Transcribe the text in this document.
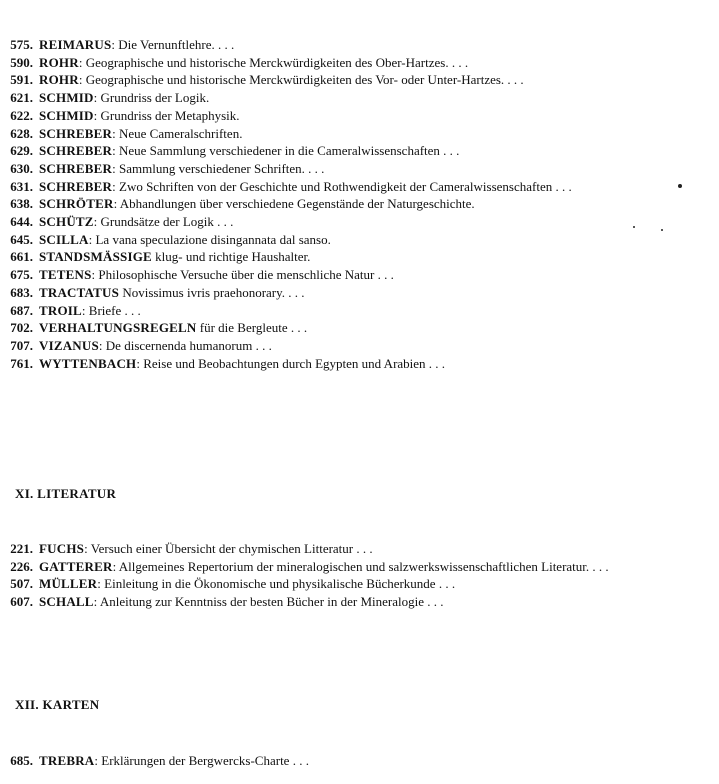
575. REIMARUS: Die Vernunftlehre. . . .
590. ROHR: Geographische und historische Merckwürdigkeiten des Ober-Hartzes. . . .
591. ROHR: Geographische und historische Merckwürdigkeiten des Vor- oder Unter-Hartzes. . . .
621. SCHMID: Grundriss der Logik.
622. SCHMID: Grundriss der Metaphysik.
628. SCHREBER: Neue Cameralschriften.
629. SCHREBER: Neue Sammlung verschiedener in die Cameralwissenschaften . . .
630. SCHREBER: Sammlung verschiedener Schriften. . . .
631. SCHREBER: Zwo Schriften von der Geschichte und Rothwendigkeit der Cameralwissenschaften . . .
638. SCHRÖTER: Abhandlungen über verschiedene Gegenstände der Naturgeschichte.
644. SCHÜTZ: Grundsätze der Logik . . .
645. SCILLA: La vana speculazione disingannata dal sanso.
661. STANDSMÄSSIGE klug- und richtige Haushalter.
675. TETENS: Philosophische Versuche über die menschliche Natur . . .
683. TRACTATUS Novissimus ivris praehonorary. . . .
687. TROIL: Briefe . . .
702. VERHALTUNGSREGELN für die Bergleute . . .
707. VIZANUS: De discernenda humanorum . . .
761. WYTTENBACH: Reise und Beobachtungen durch Egypten und Arabien . . .
XI. LITERATUR
221. FUCHS: Versuch einer Übersicht der chymischen Litteratur . . .
226. GATTERER: Allgemeines Repertorium der mineralogischen und salzwerkswissenschaftlichen Literatur. . . .
507. MÜLLER: Einleitung in die Ökonomische und physikalische Bücherkunde . . .
607. SCHALL: Anleitung zur Kenntniss der besten Bücher in der Mineralogie . . .
XII. KARTEN
685. TREBRA: Erklärungen der Bergwercks-Charte . . .
